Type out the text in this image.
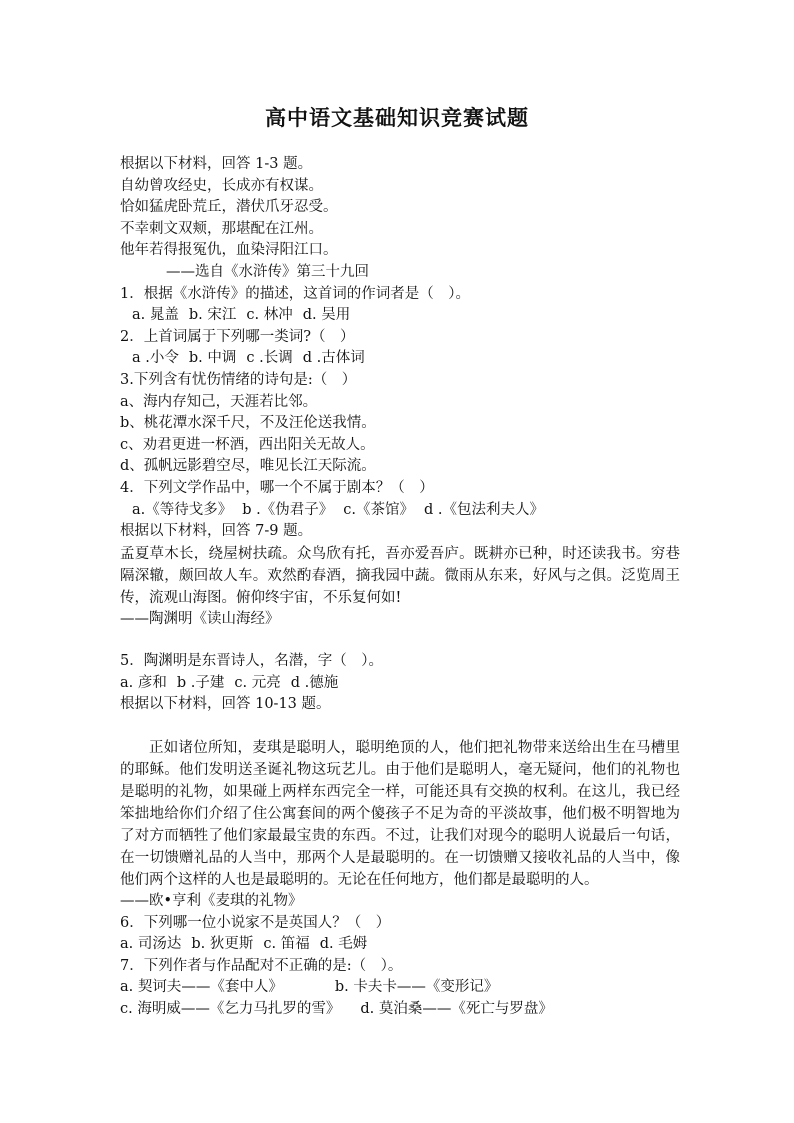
高中语文基础知识竞赛试题
根据以下材料，回答 1-3 题。
自幼曾攻经史，长成亦有权谋。
恰如猛虎卧荒丘，潜伏爪牙忍受。
不幸刺文双颊，那堪配在江州。
他年若得报冤仇，血染浔阳江口。
——选自《水浒传》第三十九回
1．根据《水浒传》的描述，这首词的作词者是（　）。
a. 晁盖 b. 宋江 c. 林冲 d. 吴用
2．上首词属于下列哪一类词?（　）
a .小令 b. 中调 c .长调 d .古体词
3.下列含有忧伤情绪的诗句是:（　）
a、海内存知己，天涯若比邻。
b、桃花潭水深千尺，不及汪伦送我情。
c、劝君更进一杯酒，西出阳关无故人。
d、孤帆远影碧空尽，唯见长江天际流。
4．下列文学作品中，哪一个不属于剧本？（　）
a.《等待戈多》 b .《伪君子》 c.《茶馆》 d .《包法利夫人》
根据以下材料，回答 7-9 题。
孟夏草木长，绕屋树扶疏。众鸟欣有托，吾亦爱吾庐。既耕亦已种，时还读我书。穷巷隔深辙，颇回故人车。欢然酌春酒，摘我园中蔬。微雨从东来，好风与之俱。泛览周王传，流观山海图。俯仰终宇宙，不乐复何如!
——陶渊明《读山海经》
5．陶渊明是东晋诗人，名潜，字（　）。
a. 彦和 b .子建 c. 元亮 d .德施
根据以下材料，回答 10-13 题。
正如诸位所知，麦琪是聪明人，聪明绝顶的人，他们把礼物带来送给出生在马槽里的耶稣。他们发明送圣诞礼物这玩艺儿。由于他们是聪明人，毫无疑问，他们的礼物也是聪明的礼物，如果碰上两样东西完全一样，可能还具有交换的权利。在这儿，我已经笨拙地给你们介绍了住公寓套间的两个傻孩子不足为奇的平淡故事，他们极不明智地为了对方而牺牲了他们家最最宝贵的东西。不过，让我们对现今的聪明人说最后一句话，在一切馈赠礼品的人当中，那两个人是最聪明的。在一切馈赠又接收礼品的人当中，像他们两个这样的人也是最聪明的。无论在任何地方，他们都是最聪明的人。
——欧•亨利《麦琪的礼物》
6．下列哪一位小说家不是英国人？（　）
a. 司汤达 b. 狄更斯 c. 笛福 d. 毛姆
7．下列作者与作品配对不正确的是:（　）。
a. 契诃夫——《套中人》	b. 卡夫卡——《变形记》
c. 海明威——《乞力马扎罗的雪》 d. 莫泊桑——《死亡与罗盘》
